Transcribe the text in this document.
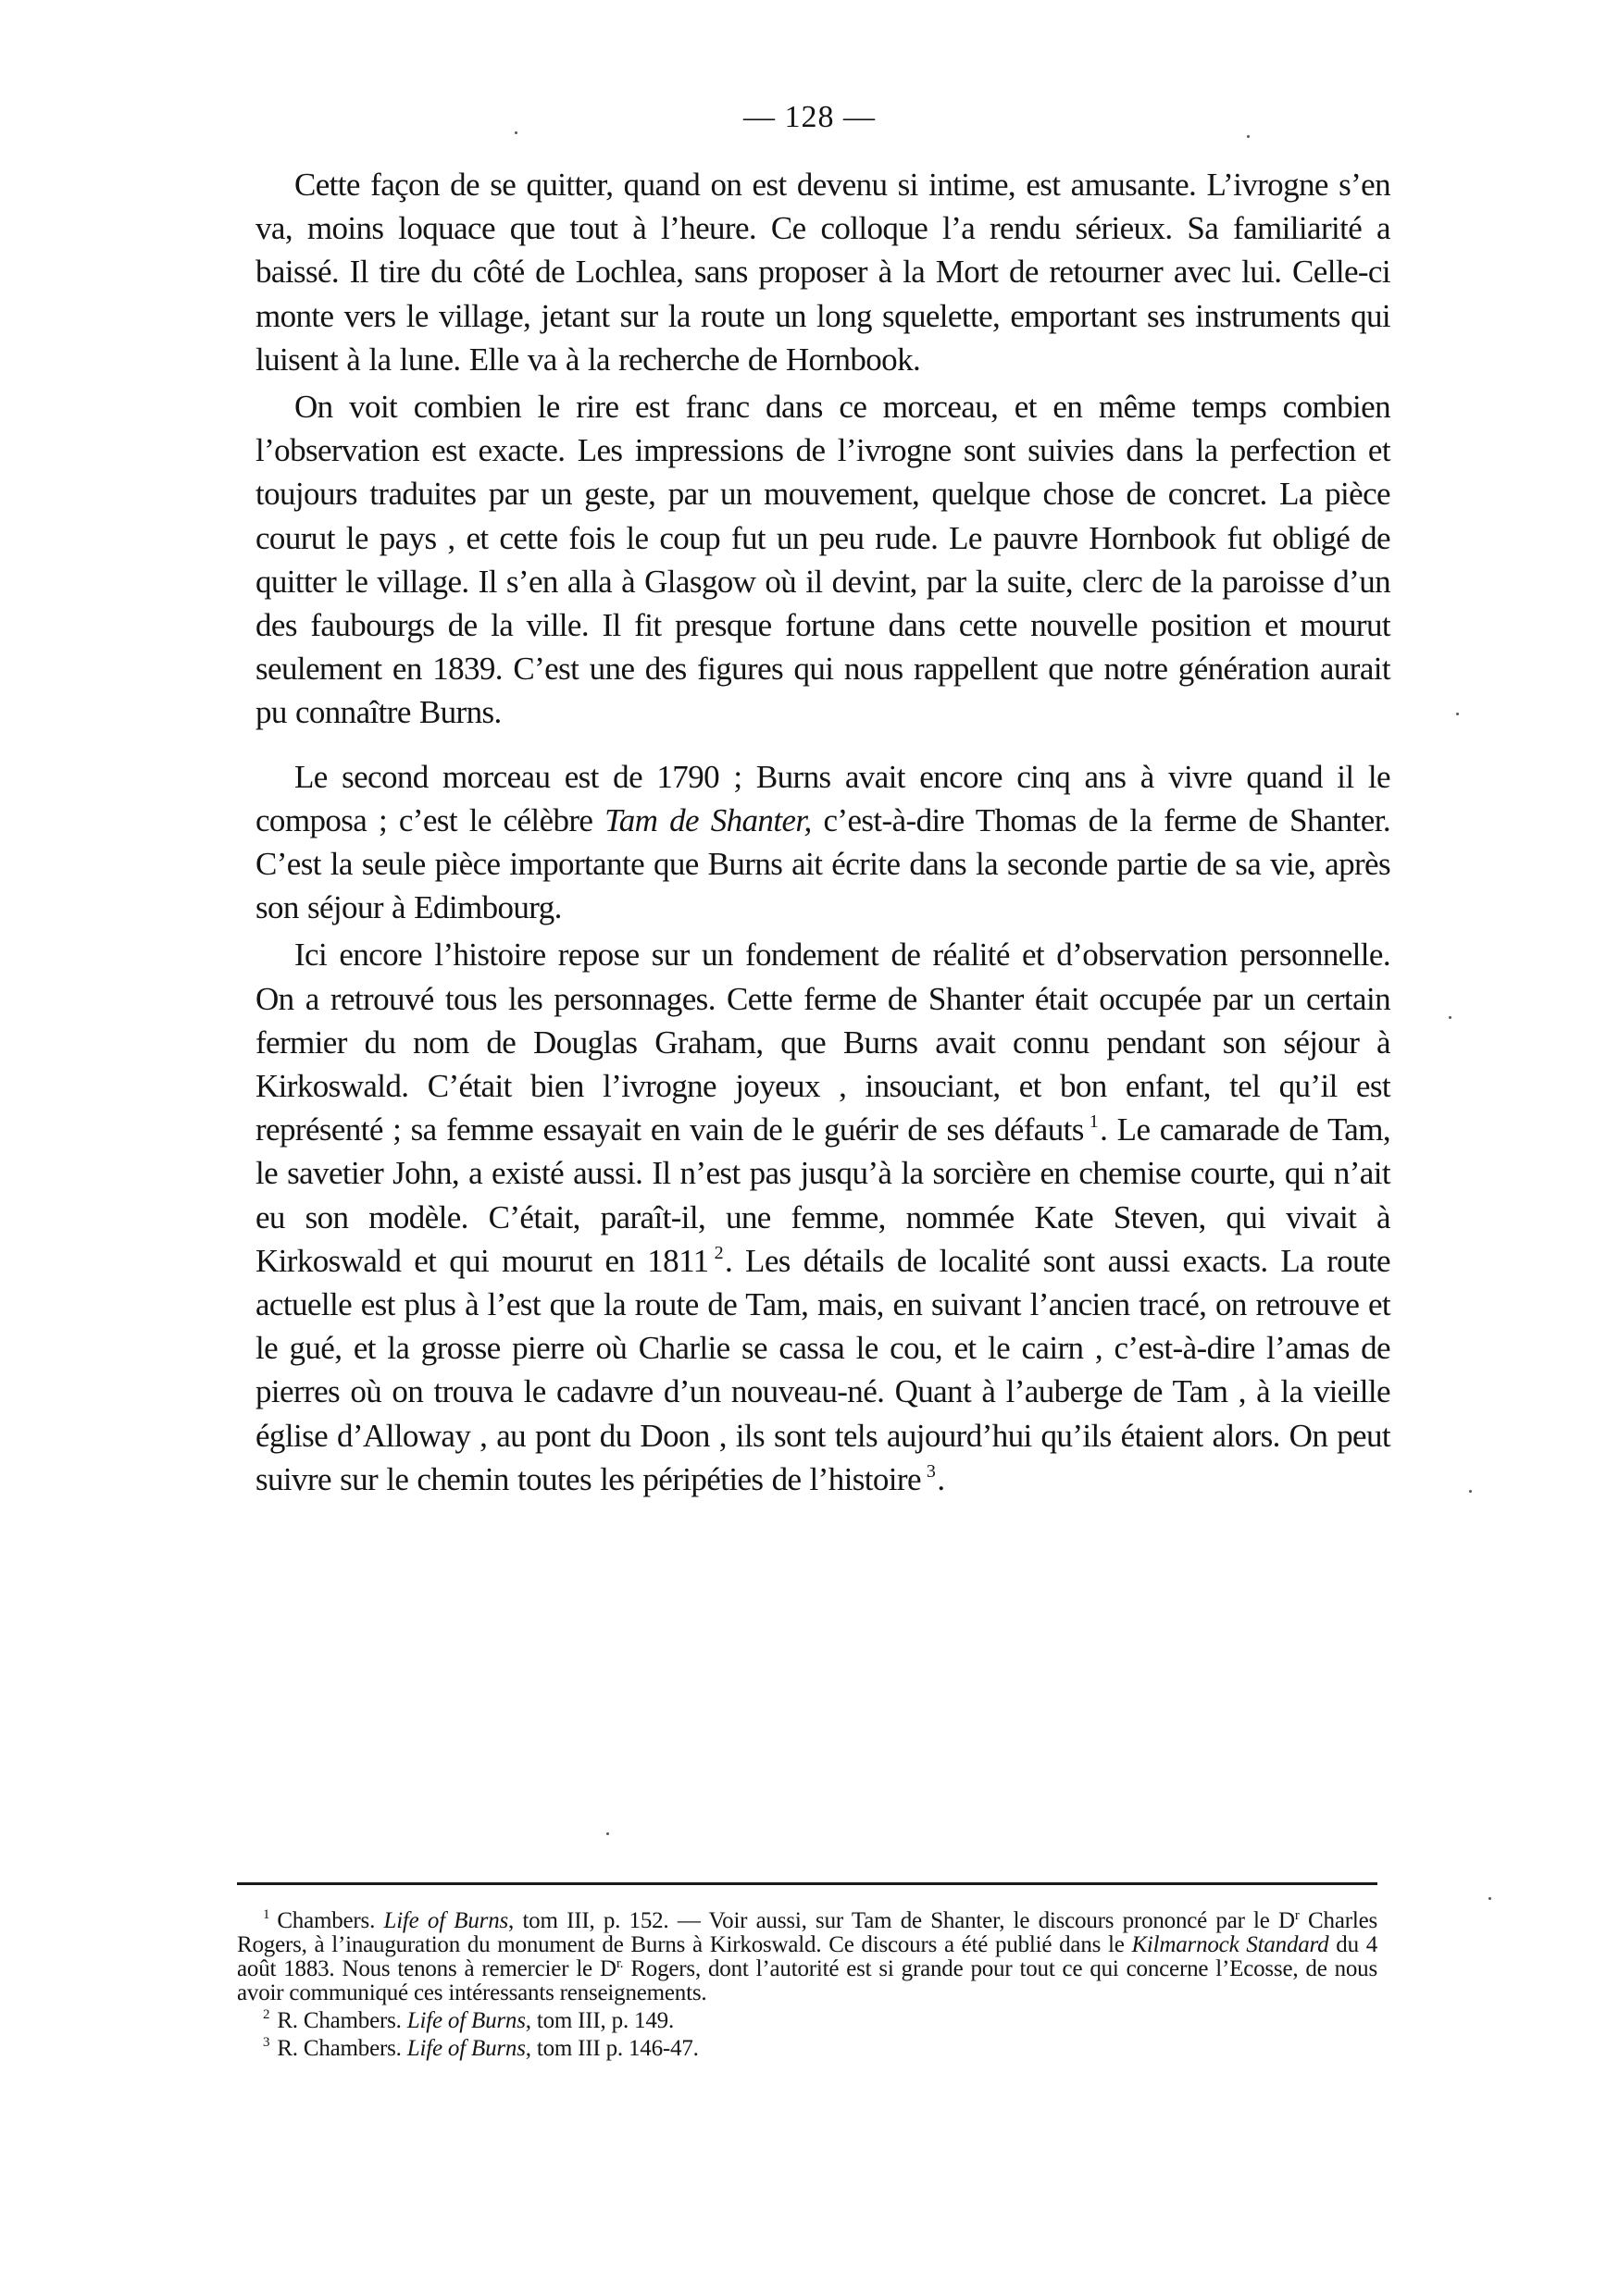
— 128 —

Cette façon de se quitter, quand on est devenu si intime, est amusante. L’ivrogne s’en va, moins loquace que tout à l’heure. Ce colloque l’a rendu sérieux. Sa familiarité a baissé. Il tire du côté de Lochlea, sans proposer à la Mort de retourner avec lui. Celle-ci monte vers le village, jetant sur la route un long squelette, emportant ses instruments qui luisent à la lune. Elle va à la recherche de Hornbook.

On voit combien le rire est franc dans ce morceau, et en même temps combien l’observation est exacte. Les impressions de l’ivrogne sont suivies dans la perfection et toujours traduites par un geste, par un mouvement, quelque chose de concret. La pièce courut le pays , et cette fois le coup fut un peu rude. Le pauvre Hornbook fut obligé de quitter le village. Il s’en alla à Glasgow où il devint, par la suite, clerc de la paroisse d’un des faubourgs de la ville. Il fit presque fortune dans cette nouvelle position et mourut seulement en 1839. C’est une des figures qui nous rappellent que notre génération aurait pu connaître Burns.

Le second morceau est de 1790 ; Burns avait encore cinq ans à vivre quand il le composa ; c’est le célèbre Tam de Shanter, c’est-à-dire Thomas de la ferme de Shanter. C’est la seule pièce importante que Burns ait écrite dans la seconde partie de sa vie, après son séjour à Edimbourg.

Ici encore l’histoire repose sur un fondement de réalité et d’observation personnelle. On a retrouvé tous les personnages. Cette ferme de Shanter était occupée par un certain fermier du nom de Douglas Graham, que Burns avait connu pendant son séjour à Kirkoswald. C’était bien l’ivrogne joyeux , insouciant, et bon enfant, tel qu’il est représenté ; sa femme essayait en vain de le guérir de ses défauts $^1$. Le camarade de Tam, le savetier John, a existé aussi. Il n’est pas jusqu’à la sorcière en chemise courte, qui n’ait eu son modèle. C’était, paraît-il, une femme, nommée Kate Steven, qui vivait à Kirkoswald et qui mourut en 1811 $^2$. Les détails de localité sont aussi exacts. La route actuelle est plus à l’est que la route de Tam, mais, en suivant l’ancien tracé, on retrouve et le gué, et la grosse pierre où Charlie se cassa le cou, et le cairn , c’est-à-dire l’amas de pierres où on trouva le cadavre d’un nouveau-né. Quant à l’auberge de Tam , à la vieille église d’Alloway , au pont du Doon , ils sont tels aujourd’hui qu’ils étaient alors. On peut suivre sur le chemin toutes les péripéties de l’histoire $^3$.

$^1$ Chambers. Life of Burns, tom III, p. 152. — Voir aussi, sur Tam de Shanter, le discours prononcé par le $D^r$ Charles Rogers, à l’inauguration du monument de Burns à Kirkoswald. Ce discours a été publié dans le Kilmarnock Standard du 4 août 1883. Nous tenons à remercier le $D^{r.}$ Rogers, dont l’autorité est si grande pour tout ce qui concerne l’Ecosse, de nous avoir communiqué ces intéressants renseignements.

$^2$ R. Chambers. Life of Burns, tom III, p. 149.

$^3$ R. Chambers. Life of Burns, tom III p. 146-47.
